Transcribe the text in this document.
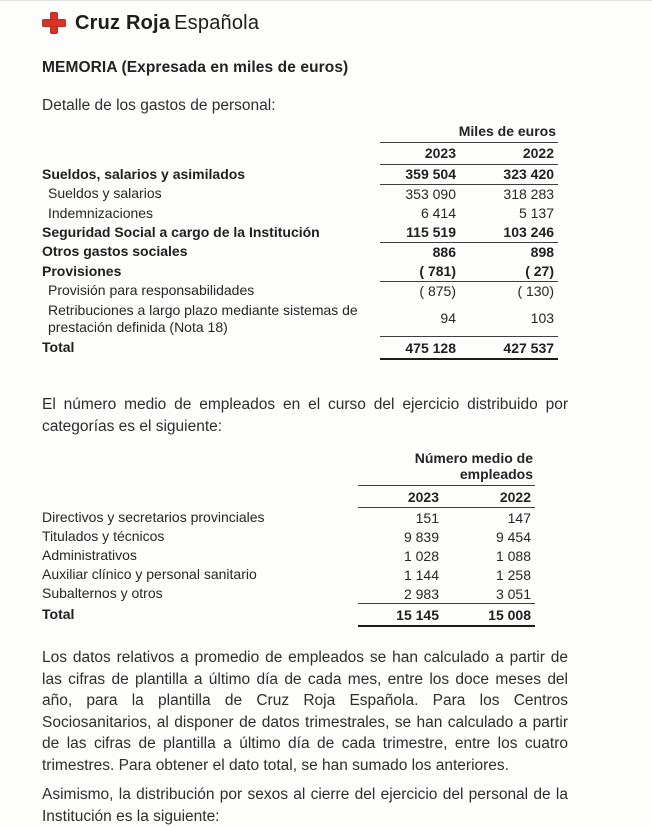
Cruz Roja Española
MEMORIA (Expresada en miles de euros)

Detalle de los gastos de personal:

	Miles de euros	
	2023	2022
Sueldos, salarios y asimilados	359 504	323 420
Sueldos y salarios	353 090	318 283
Indemnizaciones	6 414	5 137
Seguridad Social a cargo de la Institución	115 519	103 246
Otros gastos sociales	886	898
Provisiones	( 781)	( 27)
Provisión para responsabilidades	( 875)	( 130)
Retribuciones a largo plazo mediante sistemas de prestación definida (Nota 18)	94	103
Total	475 128	427 537

El número medio de empleados en el curso del ejercicio distribuido por categorías es el siguiente:

	Número medio de empleados	
	2023	2022
Directivos y secretarios provinciales	151	147
Titulados y técnicos	9 839	9 454
Administrativos	1 028	1 088
Auxiliar clínico y personal sanitario	1 144	1 258
Subalternos y otros	2 983	3 051
Total	15 145	15 008

Los datos relativos a promedio de empleados se han calculado a partir de las cifras de plantilla a último día de cada mes, entre los doce meses del año, para la plantilla de Cruz Roja Española. Para los Centros Sociosanitarios, al disponer de datos trimestrales, se han calculado a partir de las cifras de plantilla a último día de cada trimestre, entre los cuatro trimestres. Para obtener el dato total, se han sumado los anteriores.

Asimismo, la distribución por sexos al cierre del ejercicio del personal de la Institución es la siguiente:
